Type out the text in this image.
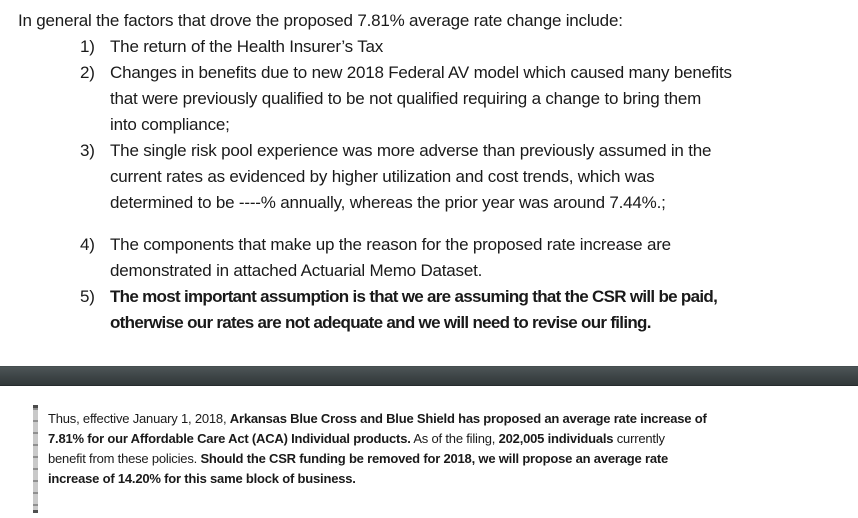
In general the factors that drove the proposed 7.81% average rate change include:

1) The return of the Health Insurer’s Tax
2) Changes in benefits due to new 2018 Federal AV model which caused many benefits
that were previously qualified to be not qualified requiring a change to bring them
into compliance;
3) The single risk pool experience was more adverse than previously assumed in the
current rates as evidenced by higher utilization and cost trends, which was
determined to be ----% annually, whereas the prior year was around 7.44%.;
4) The components that make up the reason for the proposed rate increase are
demonstrated in attached Actuarial Memo Dataset.
5) The most important assumption is that we are assuming that the CSR will be paid,
otherwise our rates are not adequate and we will need to revise our filing.
Thus, effective January 1, 2018, Arkansas Blue Cross and Blue Shield has proposed an average rate increase of
7.81% for our Affordable Care Act (ACA) Individual products. As of the filing, 202,005 individuals currently
benefit from these policies. Should the CSR funding be removed for 2018, we will propose an average rate
increase of 14.20% for this same block of business.
